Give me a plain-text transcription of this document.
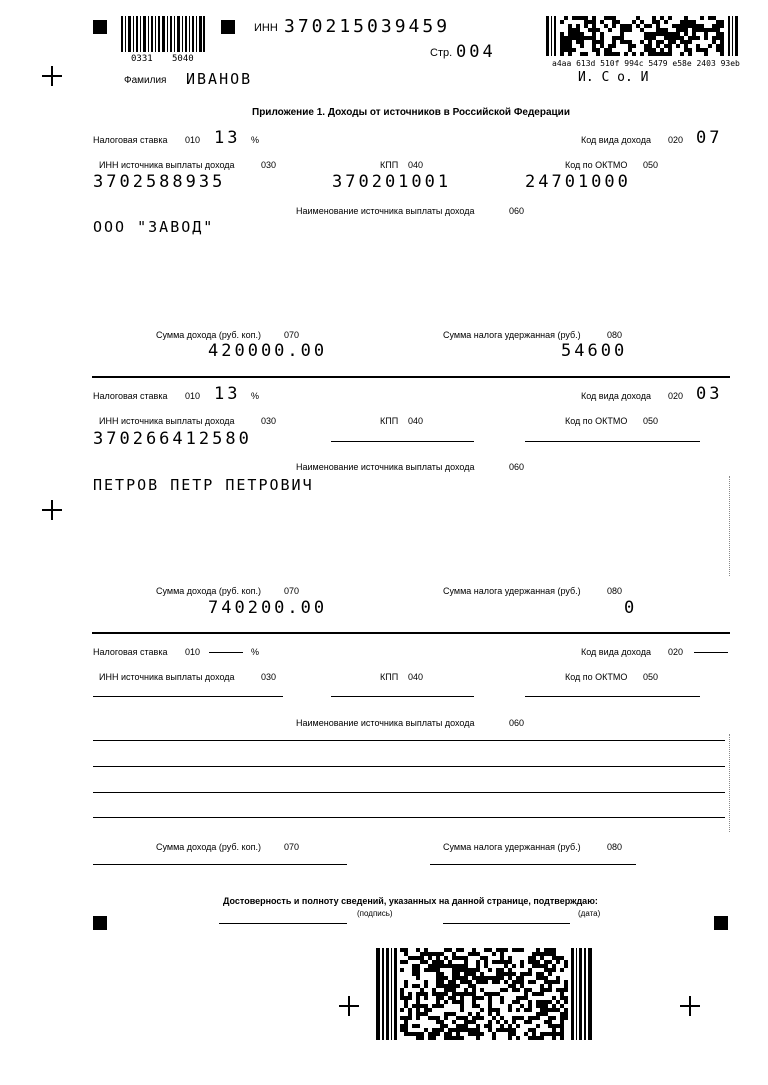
0331 5040
ИНН 370215039459
Стр. 004
a4aa 613d 510f 994c 5479 e58e 2403 93eb
И. С о. И
Фамилия ИВАНОВ
Приложение 1. Доходы от источников в Российской Федерации
Налоговая ставка 010 13 %	Код вида дохода 020 07
ИНН источника выплаты дохода	030	КПП 040	Код по ОКТМО 050
3702588935	370201001	24701000
Наименование источника выплаты дохода	060
ООО "ЗАВОД"
Сумма дохода (руб. коп.)	070	Сумма налога удержанная (руб.)	080
420000.00	54600
Налоговая ставка 010 13 %	Код вида дохода 020 03
ИНН источника выплаты дохода	030	КПП 040	Код по ОКТМО 050
370266412580
Наименование источника выплаты дохода	060
ПЕТРОВ ПЕТР ПЕТРОВИЧ
Сумма дохода (руб. коп.)	070	Сумма налога удержанная (руб.)	080
740200.00	0
Налоговая ставка 010	%	Код вида дохода 020
ИНН источника выплаты дохода	030	КПП 040	Код по ОКТМО 050
Наименование источника выплаты дохода	060
Сумма дохода (руб. коп.)	070	Сумма налога удержанная (руб.)	080
Достоверность и полноту сведений, указанных на данной странице, подтверждаю:
(подпись)	(дата)
